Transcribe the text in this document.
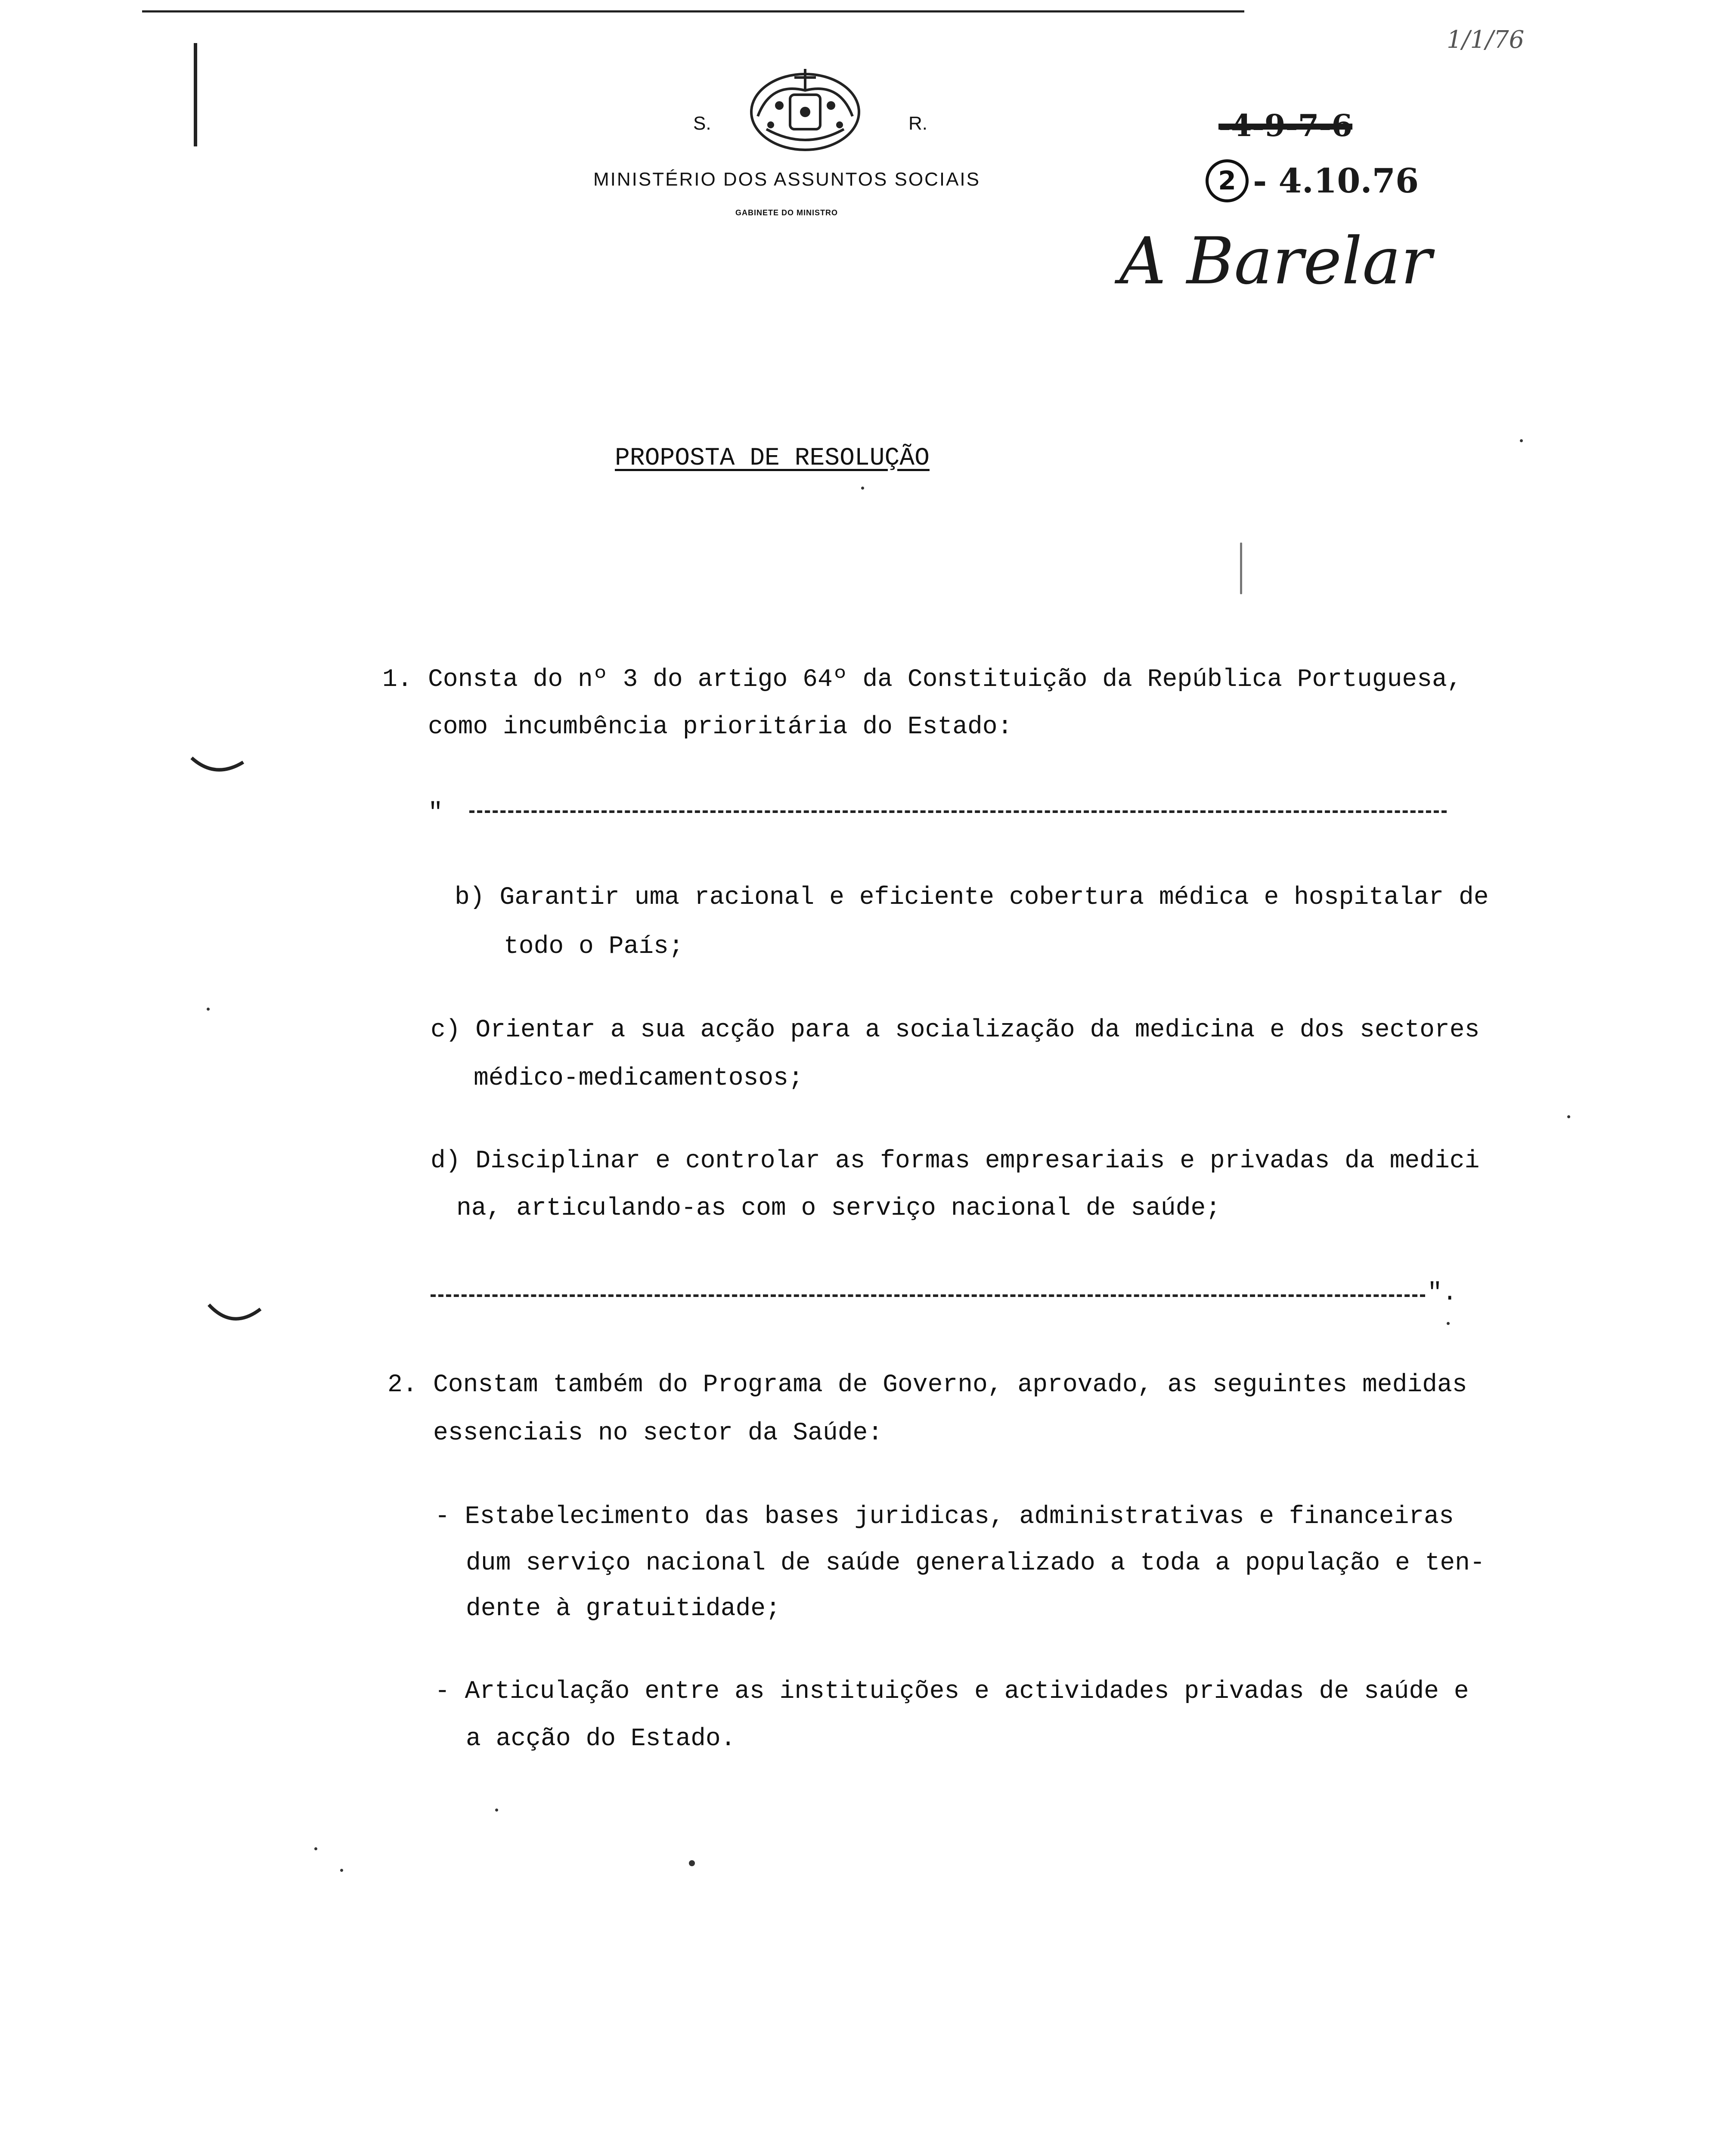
1/1/76
S.	R.
MINISTÉRIO DOS ASSUNTOS SOCIAIS
GABINETE DO MINISTRO
-4-9-7-6
2 - 4.10.76
A Barelar
PROPOSTA DE RESOLUÇÃO
1. Consta do nº 3 do artigo 64º da Constituição da República Portuguesa,
como incumbência prioritária do Estado:
"
b) Garantir uma racional e eficiente cobertura médica e hospitalar de
todo o País;
c) Orientar a sua acção para a socialização da medicina e dos sectores
médico-medicamentosos;
d) Disciplinar e controlar as formas empresariais e privadas da medici
na, articulando-as com o serviço nacional de saúde;
".
2. Constam também do Programa de Governo, aprovado, as seguintes medidas
essenciais no sector da Saúde:
- Estabelecimento das bases juridicas, administrativas e financeiras
dum serviço nacional de saúde generalizado a toda a população e ten-
dente à gratuitidade;
- Articulação entre as instituições e actividades privadas de saúde e
a acção do Estado.
